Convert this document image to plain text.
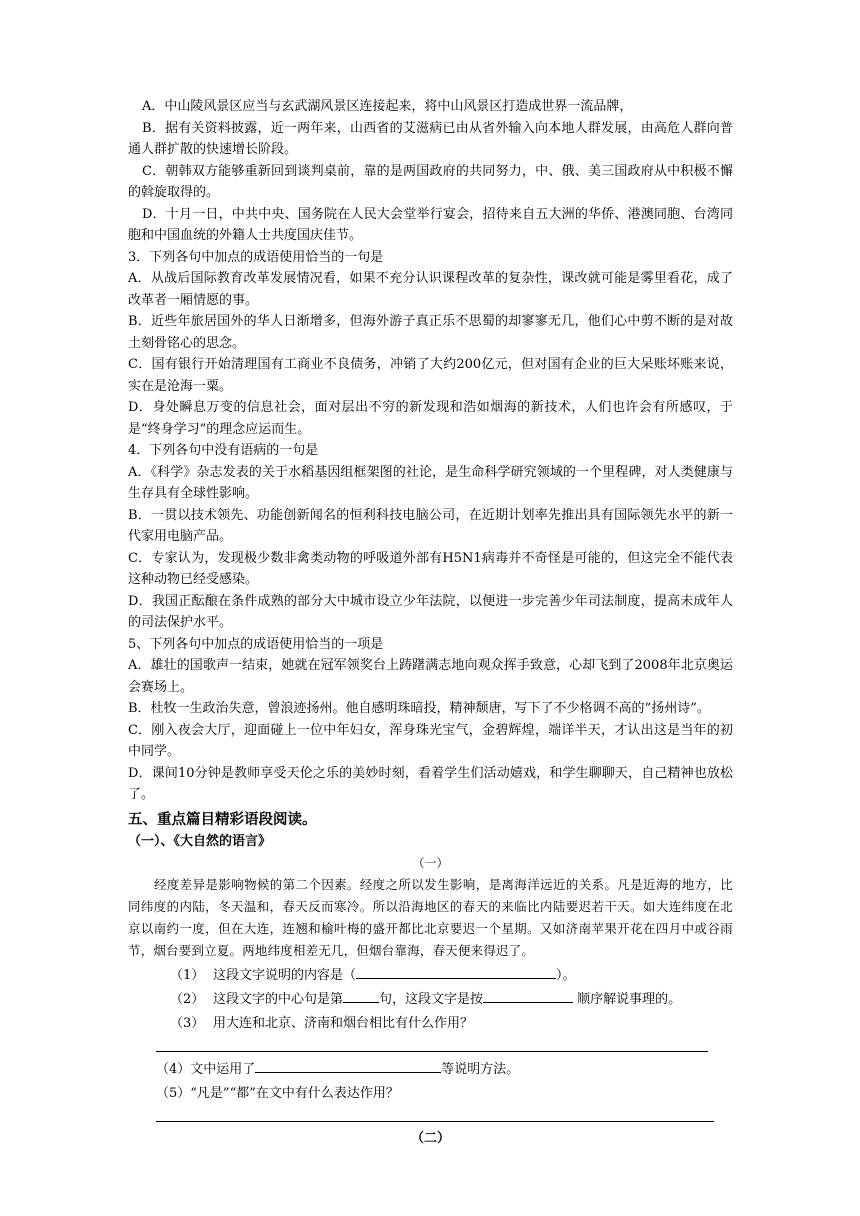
A．中山陵风景区应当与玄武湖风景区连接起来，将中山风景区打造成世界一流品牌，

B．据有关资料披露，近一两年来，山西省的艾滋病已由从省外输入向本地人群发展，由高危人群向普通人群扩散的快速增长阶段。

C．朝韩双方能够重新回到谈判桌前，靠的是两国政府的共同努力，中、俄、美三国政府从中积极不懈的斡旋取得的。

D．十月一日，中共中央、国务院在人民大会堂举行宴会，招待来自五大洲的华侨、港澳同胞、台湾同胞和中国血统的外籍人士共度国庆佳节。

3．下列各句中加点的成语使用恰当的一句是

A．从战后国际教育改革发展情况看，如果不充分认识课程改革的复杂性，课改就可能是雾里看花，成了改革者一厢情愿的事。

B．近些年旅居国外的华人日渐增多，但海外游子真正乐不思蜀的却寥寥无几，他们心中剪不断的是对故土刻骨铭心的思念。

C．国有银行开始清理国有工商业不良债务，冲销了大约200亿元，但对国有企业的巨大呆账坏账来说，实在是沧海一粟。

D．身处瞬息万变的信息社会，面对层出不穷的新发现和浩如烟海的新技术，人们也许会有所感叹，于是“终身学习”的理念应运而生。

4．下列各句中没有语病的一句是

A．《科学》杂志发表的关于水稻基因组框架图的社论，是生命科学研究领域的一个里程碑，对人类健康与生存具有全球性影响。

B．一贯以技术领先、功能创新闻名的恒利科技电脑公司，在近期计划率先推出具有国际领先水平的新一代家用电脑产品。

C．专家认为，发现极少数非禽类动物的呼吸道外部有H5N1病毒并不奇怪是可能的，但这完全不能代表这种动物已经受感染。

D．我国正酝酿在条件成熟的部分大中城市设立少年法院，以便进一步完善少年司法制度，提高未成年人的司法保护水平。

5、下列各句中加点的成语使用恰当的一项是

A．雄壮的国歌声一结束，她就在冠军领奖台上踌躇满志地向观众挥手致意，心却飞到了2008年北京奥运会赛场上。

B．杜牧一生政治失意，曾浪迹扬州。他自感明珠暗投，精神颓唐，写下了不少格调不高的“扬州诗”。

C．刚入夜会大厅，迎面碰上一位中年妇女，浑身珠光宝气，金碧辉煌，端详半天，才认出这是当年的初中同学。

D．课间10分钟是教师享受天伦之乐的美妙时刻，看着学生们活动嬉戏，和学生聊聊天，自己精神也放松了。

五、重点篇目精彩语段阅读。

（一）、《大自然的语言》

（一）

经度差异是影响物候的第二个因素。经度之所以发生影响，是离海洋远近的关系。凡是近海的地方，比同纬度的内陆，冬天温和，春天反而寒冷。所以沿海地区的春天的来临比内陆要迟若干天。如大连纬度在北京以南约一度，但在大连，连翘和榆叶梅的盛开都比北京要迟一个星期。又如济南苹果开花在四月中或谷雨节，烟台要到立夏。两地纬度相差无几，但烟台靠海，春天便来得迟了。

（1） 这段文字说明的内容是（	）。

（2） 这段文字的中心句是第	句，这段文字是按	顺序解说事理的。

（3） 用大连和北京、济南和烟台相比有什么作用？

（4）文中运用了	等说明方法。

（5）“凡是”“都”在文中有什么表达作用？

（二）
